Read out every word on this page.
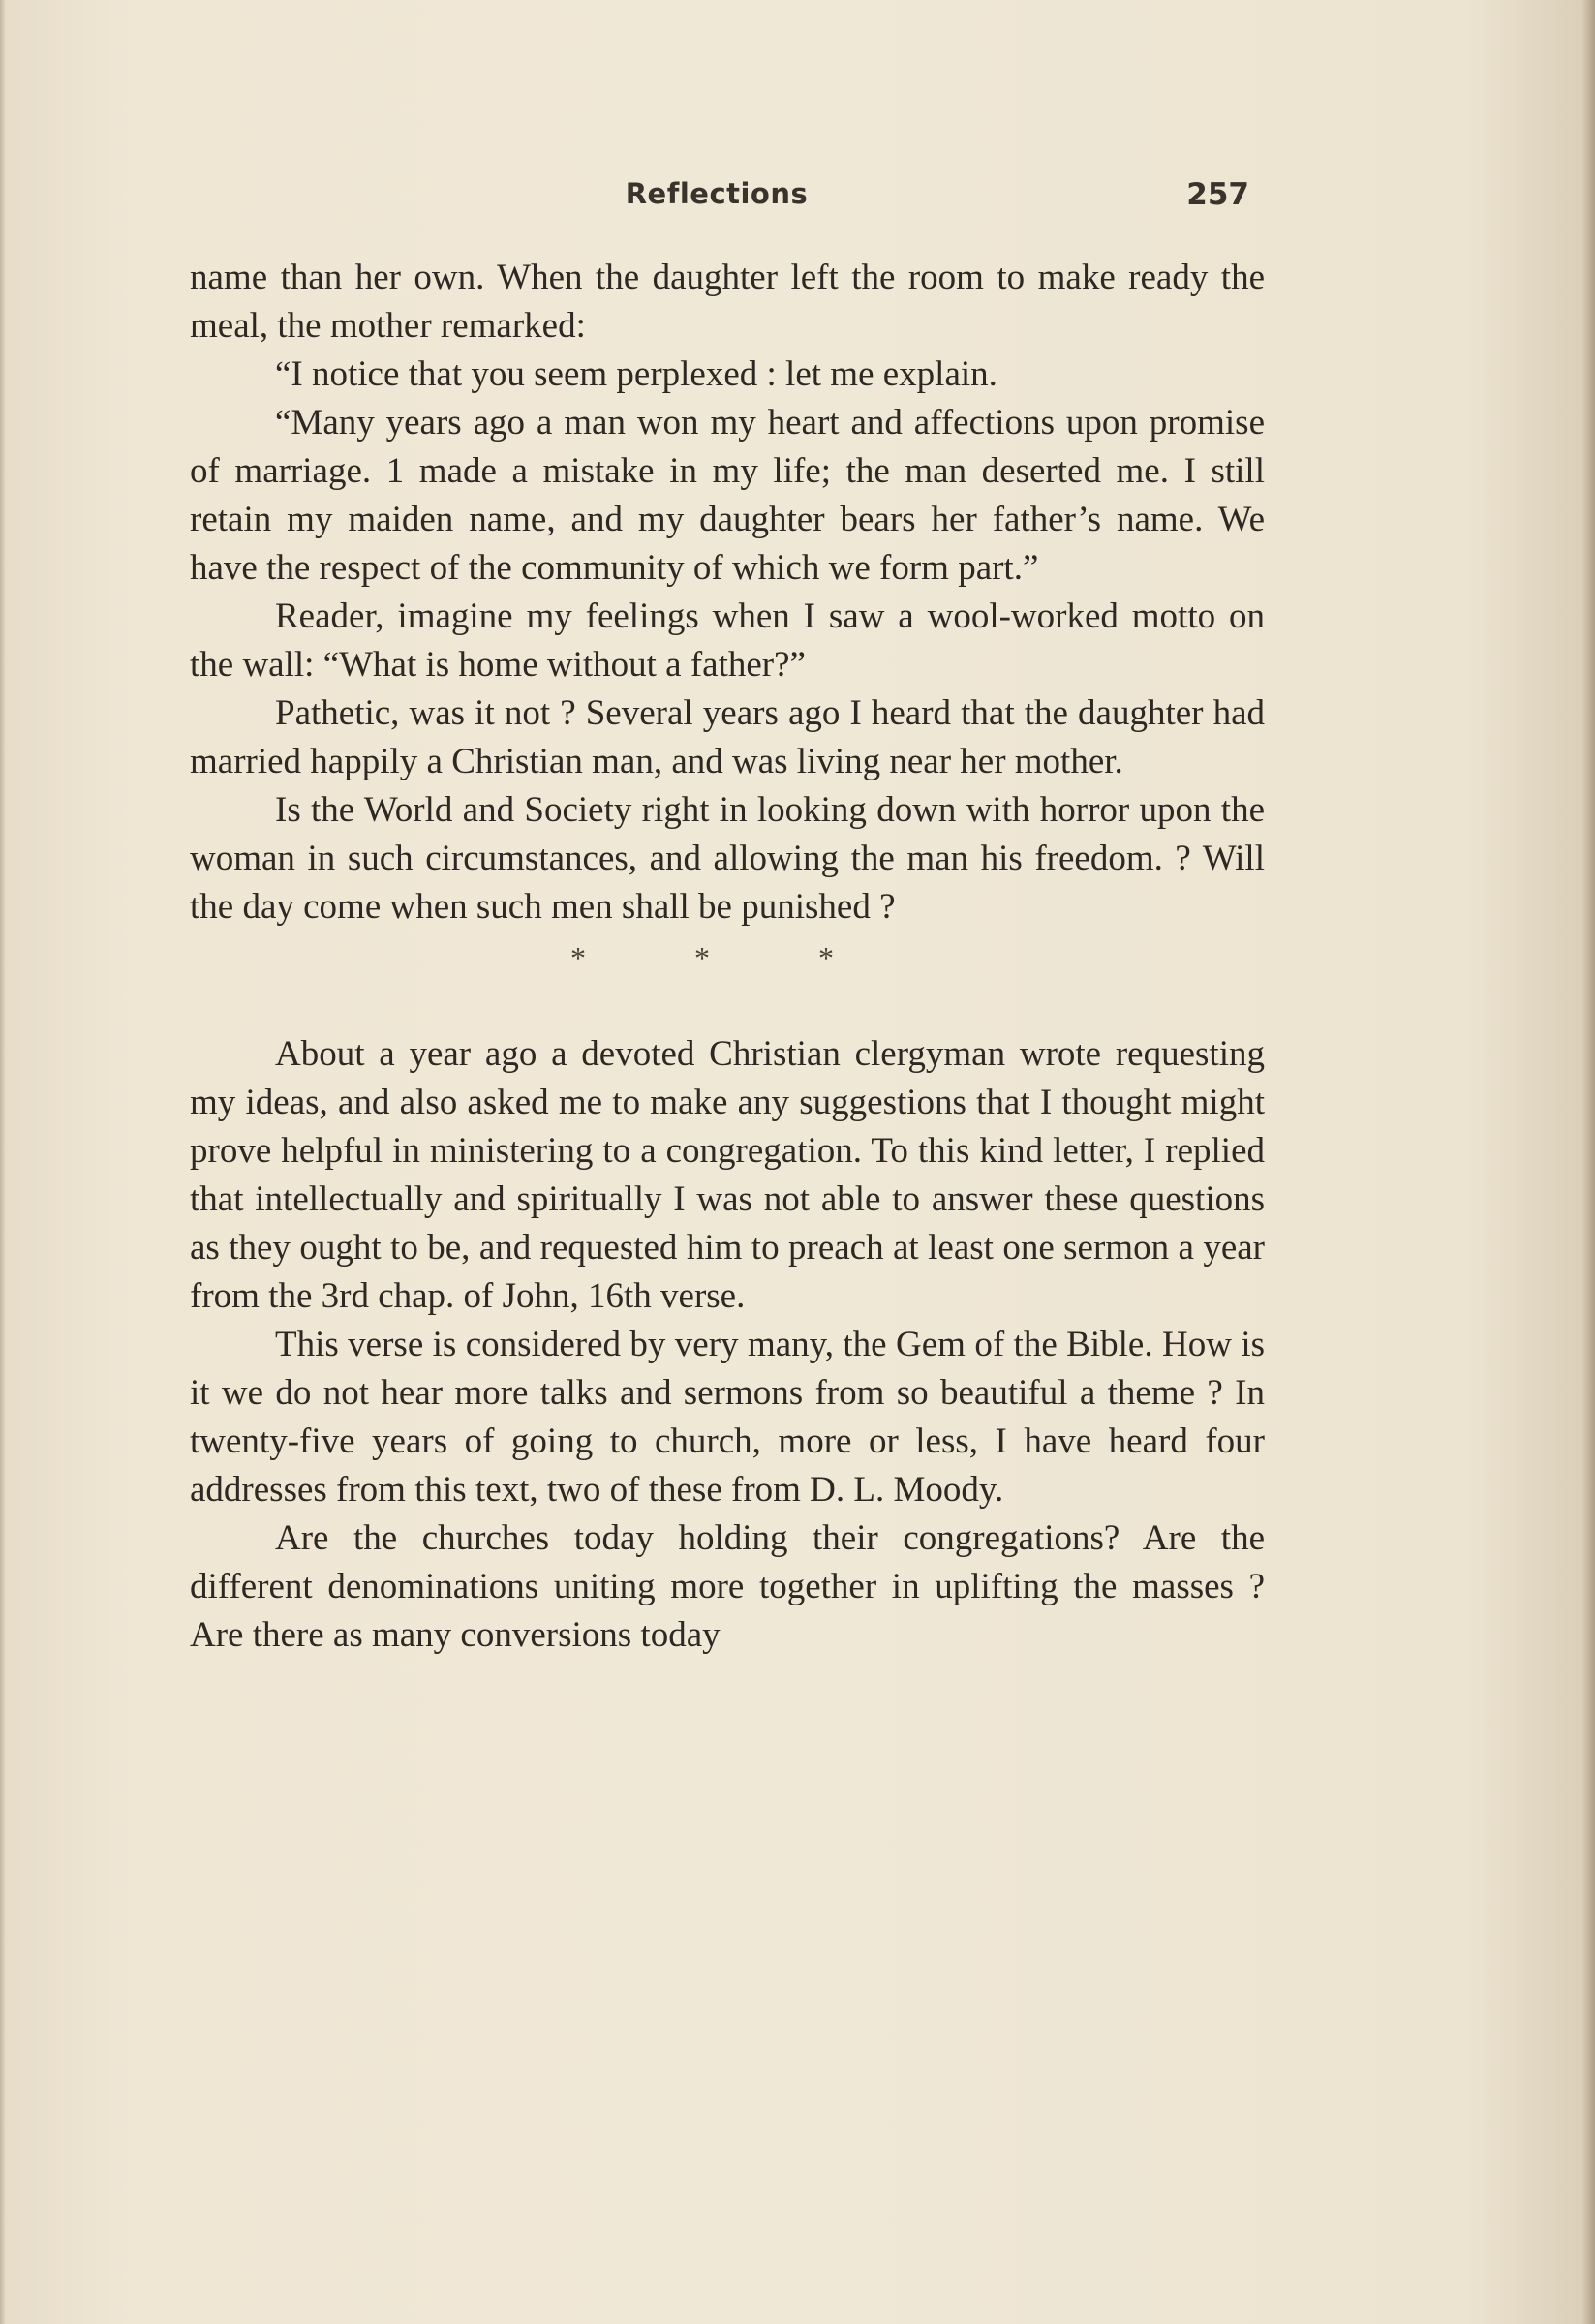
Reflections	257

name than her own. When the daughter left the room to make ready the meal, the mother remarked:

“I notice that you seem perplexed : let me explain.

“Many years ago a man won my heart and affections upon promise of marriage. 1 made a mistake in my life; the man deserted me. I still retain my maiden name, and my daughter bears her father’s name. We have the respect of the community of which we form part.”

Reader, imagine my feelings when I saw a wool-worked motto on the wall: “What is home without a father?”

Pathetic, was it not ? Several years ago I heard that the daughter had married happily a Christian man, and was living near her mother.

Is the World and Society right in looking down with horror upon the woman in such circumstances, and allowing the man his freedom. ? Will the day come when such men shall be punished ?

* * *

About a year ago a devoted Christian clergyman wrote requesting my ideas, and also asked me to make any suggestions that I thought might prove helpful in ministering to a congregation. To this kind letter, I replied that intellectually and spiritually I was not able to answer these questions as they ought to be, and requested him to preach at least one sermon a year from the 3rd chap. of John, 16th verse.

This verse is considered by very many, the Gem of the Bible. How is it we do not hear more talks and sermons from so beautiful a theme ? In twenty-five years of going to church, more or less, I have heard four addresses from this text, two of these from D. L. Moody.

Are the churches today holding their congregations? Are the different denominations uniting more together in uplifting the masses ? Are there as many conversions today
